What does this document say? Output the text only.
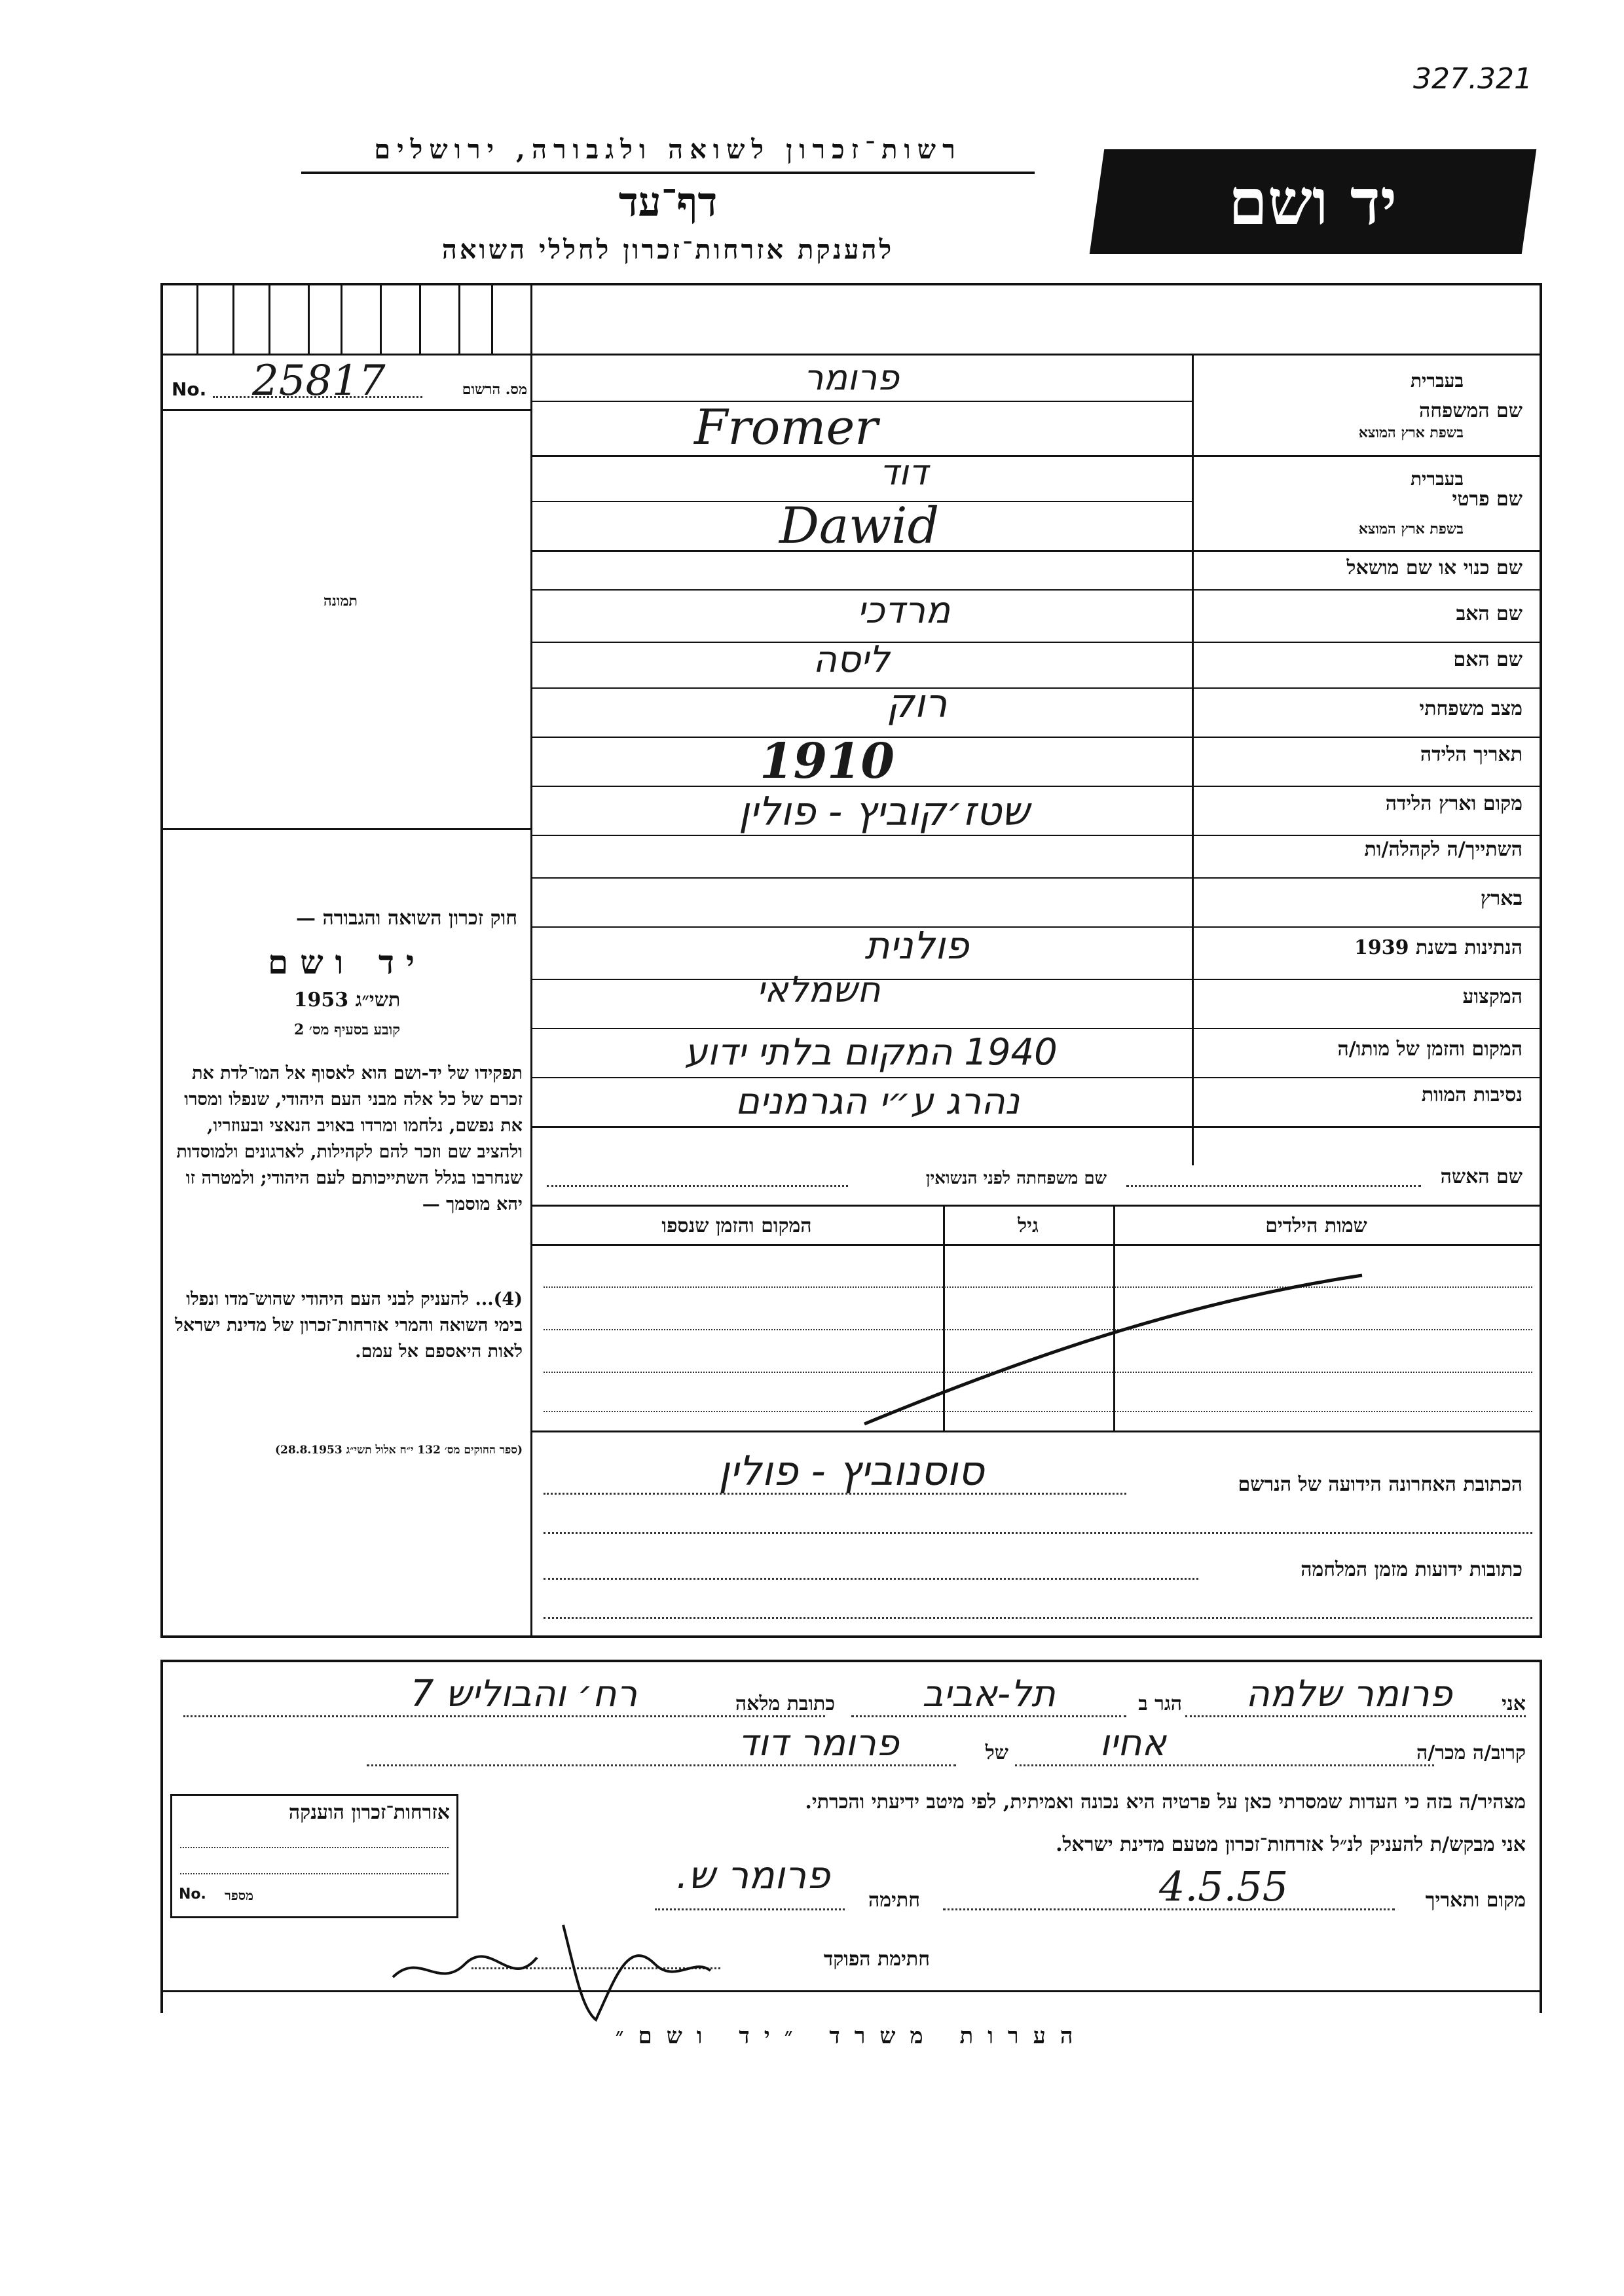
327.321
רשות־זכרון לשואה ולגבורה, ירושלים
דף־עד
להענקת אזרחות־זכרון לחללי השואה
יד ושם
No. 25817	מס. הרשום
תמונה
חוק זכרון השואה והגבורה —
יד ושם
תשי״ג 1953
קובע בסעיף מס׳ 2
תפקידו של יד-ושם הוא לאסוף אל המו־לדת את זכרם של כל אלה מבני העם היהודי, שנפלו ומסרו את נפשם, נלחמו ומרדו באויב הנאצי ובעוזריו, ולהציב שם וזכר להם לקהילות, לארגונים ולמוסדות שנחרבו בגלל השתייכותם לעם היהודי; ולמטרה זו יהא מוסמך —
(4)... להעניק לבני העם היהודי שהוש־מדו ונפלו בימי השואה והמרי אזרחות־זכרון של מדינת ישראל לאות היאספם אל עמם.
(ספר החוקים מס׳ 132 י״ח אלול תשי״ג 28.8.1953)
שם המשפחה
בעברית
בשפת ארץ המוצא
פרומר
Fromer
שם פרטי
בעברית
בשפת ארץ המוצא
דוד
Dawid
שם כנוי או שם מושאל
שם האב
מרדכי
שם האם
ליסה
מצב משפחתי
רוק
תאריך הלידה
1910
מקום וארץ הלידה
שטז׳קוביץ - פולין
השתייך/ה לקהלה/ות
בארץ
הנתינות בשנת 1939
פולנית
המקצוע
חשמלאי
המקום והזמן של מותו/ה
1940 המקום בלתי ידוע
נסיבות המוות
נהרג ע״י הגרמנים
שם האשה
שם משפחתה לפני הנשואין
שמות הילדים
גיל
המקום והזמן שנספו
הכתובת האחרונה הידועה של הנרשם
סוסנוביץ - פולין
כתובות ידועות מזמן המלחמה
אני
פרומר שלמה
הגר ב
תל-אביב
כתובת מלאה
רח׳ והבוליש 7
קרוב/ה מכר/ה
אחיו
של
פרומר דוד
מצהיר/ה בזה כי העדות שמסרתי כאן על פרטיה היא נכונה ואמיתית, לפי מיטב ידיעתי והכרתי.
אני מבקש/ת להעניק לנ״ל אזרחות־זכרון מטעם מדינת ישראל.
מקום ותאריך
4.5.55
חתימה
פרומר ש.
חתימת הפוקד
אזרחות־זכרון הוענקה
No. מספר
הערות משרד ״יד ושם״
